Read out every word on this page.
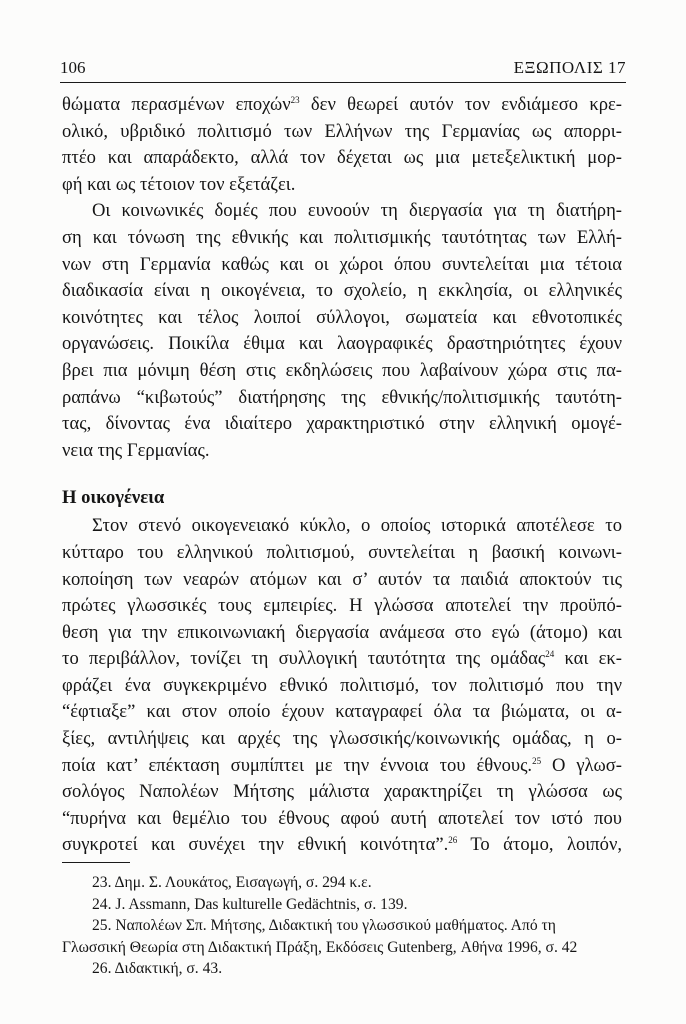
106	ΕΞΩΠΟΛΙΣ 17
θώματα περασμένων εποχών$^{23}$ δεν θεωρεί αυτόν τον ενδιάμεσο κρε-
ολικό, υβριδικό πολιτισμό των Ελλήνων της Γερμανίας ως απορρι-
πτέο και απαράδεκτο, αλλά τον δέχεται ως μια μετεξελικτική μορ-
φή και ως τέτοιον τον εξετάζει.
Οι κοινωνικές δομές που ευνοούν τη διεργασία για τη διατήρη-
ση και τόνωση της εθνικής και πολιτισμικής ταυτότητας των Ελλή-
νων στη Γερμανία καθώς και οι χώροι όπου συντελείται μια τέτοια
διαδικασία είναι η οικογένεια, το σχολείο, η εκκλησία, οι ελληνικές
κοινότητες και τέλος λοιποί σύλλογοι, σωματεία και εθνοτοπικές
οργανώσεις. Ποικίλα έθιμα και λαογραφικές δραστηριότητες έχουν
βρει πια μόνιμη θέση στις εκδηλώσεις που λαβαίνουν χώρα στις πα-
ραπάνω “κιβωτούς” διατήρησης της εθνικής/πολιτισμικής ταυτότη-
τας, δίνοντας ένα ιδιαίτερο χαρακτηριστικό στην ελληνική ομογέ-
νεια της Γερμανίας.
Η οικογένεια
Στον στενό οικογενειακό κύκλο, ο οποίος ιστορικά αποτέλεσε το
κύτταρο του ελληνικού πολιτισμού, συντελείται η βασική κοινωνι-
κοποίηση των νεαρών ατόμων και σ’ αυτόν τα παιδιά αποκτούν τις
πρώτες γλωσσικές τους εμπειρίες. Η γλώσσα αποτελεί την προϋπό-
θεση για την επικοινωνιακή διεργασία ανάμεσα στο εγώ (άτομο) και
το περιβάλλον, τονίζει τη συλλογική ταυτότητα της ομάδας$^{24}$ και εκ-
φράζει ένα συγκεκριμένο εθνικό πολιτισμό, τον πολιτισμό που την
“έφτιαξε” και στον οποίο έχουν καταγραφεί όλα τα βιώματα, οι α-
ξίες, αντιλήψεις και αρχές της γλωσσικής/κοινωνικής ομάδας, η ο-
ποία κατ’ επέκταση συμπίπτει με την έννοια του έθνους.$^{25}$ Ο γλωσ-
σολόγος Ναπολέων Μήτσης μάλιστα χαρακτηρίζει τη γλώσσα ως
“πυρήνα και θεμέλιο του έθνους αφού αυτή αποτελεί τον ιστό που
συγκροτεί και συνέχει την εθνική κοινότητα”.$^{26}$ Το άτομο, λοιπόν,

23. Δημ. Σ. Λουκάτος, Εισαγωγή, σ. 294 κ.ε.

24. J. Assmann, Das kulturelle Gedächtnis, σ. 139.

25. Ναπολέων Σπ. Μήτσης, Διδακτική του γλωσσικού μαθήματος. Από τη

Γλωσσική Θεωρία στη Διδακτική Πράξη, Εκδόσεις Gutenberg, Αθήνα 1996, σ. 42

26. Διδακτική, σ. 43.
